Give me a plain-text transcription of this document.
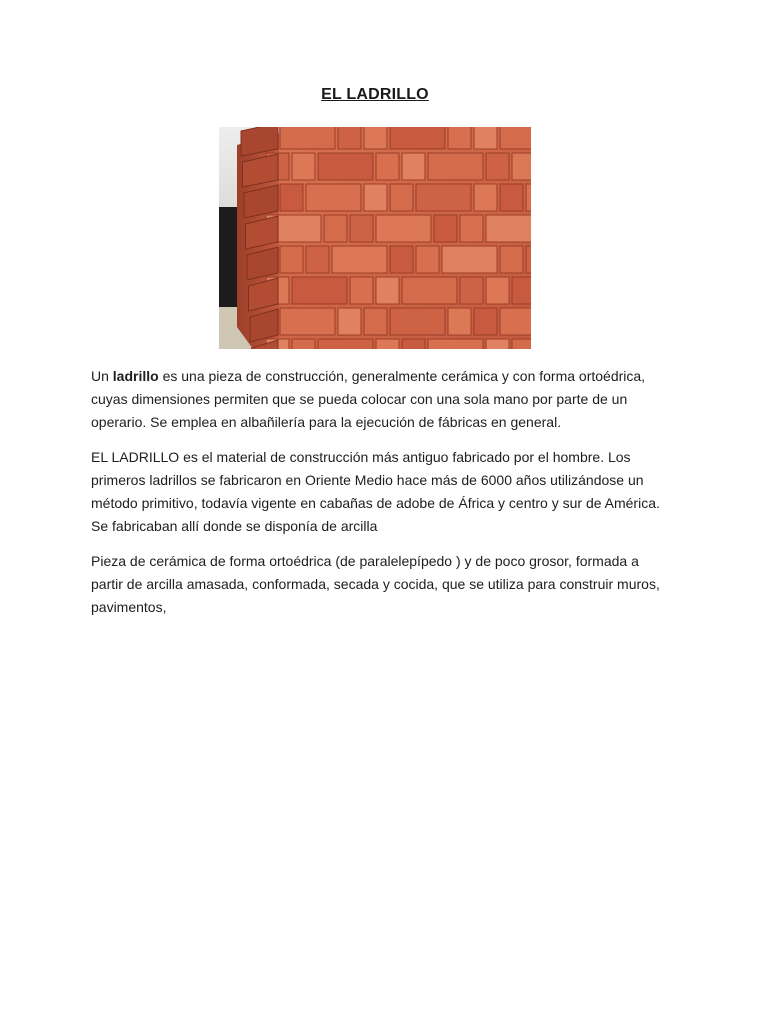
EL LADRILLO

Un ladrillo es una pieza de construcción, generalmente cerámica y con forma ortoédrica, cuyas dimensiones permiten que se pueda colocar con una sola mano por parte de un operario. Se emplea en albañilería para la ejecución de fábricas en general.

EL LADRILLO es el material de construcción más antiguo fabricado por el hombre. Los primeros ladrillos se fabricaron en Oriente Medio hace más de 6000 años utilizándose un método primitivo, todavía vigente en cabañas de adobe de África y centro y sur de América. Se fabricaban allí donde se disponía de arcilla

Pieza de cerámica de forma ortoédrica (de paralelepípedo ) y de poco grosor, formada a partir de arcilla amasada, conformada, secada y cocida, que se utiliza para construir muros, pavimentos,
